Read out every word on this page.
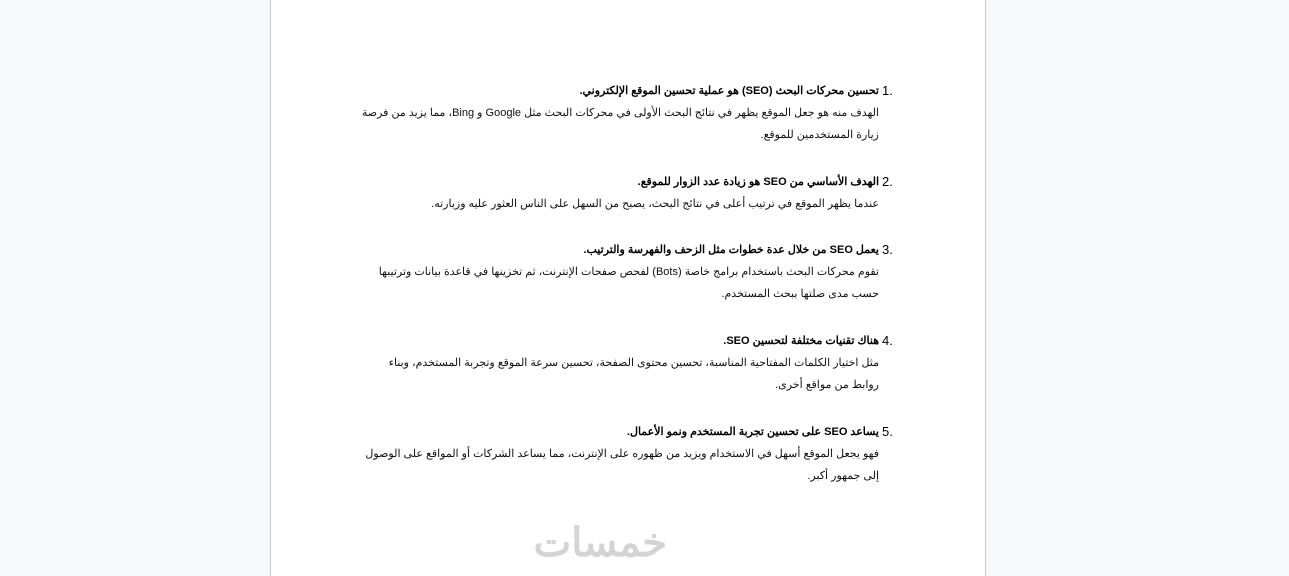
1.
تحسين محركات البحث (SEO) هو عملية تحسين الموقع الإلكتروني.
الهدف منه هو جعل الموقع يظهر في نتائج البحث الأولى في محركات البحث مثل Google و Bing، مما يزيد من فرصة زيارة المستخدمين للموقع.
2.
الهدف الأساسي من SEO هو زيادة عدد الزوار للموقع.
عندما يظهر الموقع في ترتيب أعلى في نتائج البحث، يصبح من السهل على الناس العثور عليه وزيارته.
3.
يعمل SEO من خلال عدة خطوات مثل الزحف والفهرسة والترتيب.
تقوم محركات البحث باستخدام برامج خاصة (Bots) لفحص صفحات الإنترنت، ثم تخزينها في قاعدة بيانات وترتيبها حسب مدى صلتها ببحث المستخدم.
4.
هناك تقنيات مختلفة لتحسين SEO.
مثل اختيار الكلمات المفتاحية المناسبة، تحسين محتوى الصفحة، تحسين سرعة الموقع وتجربة المستخدم، وبناء روابط من مواقع أخرى.
5.
يساعد SEO على تحسين تجربة المستخدم ونمو الأعمال.
فهو يجعل الموقع أسهل في الاستخدام ويزيد من ظهوره على الإنترنت، مما يساعد الشركات أو المواقع على الوصول إلى جمهور أكبر.
خمسات
